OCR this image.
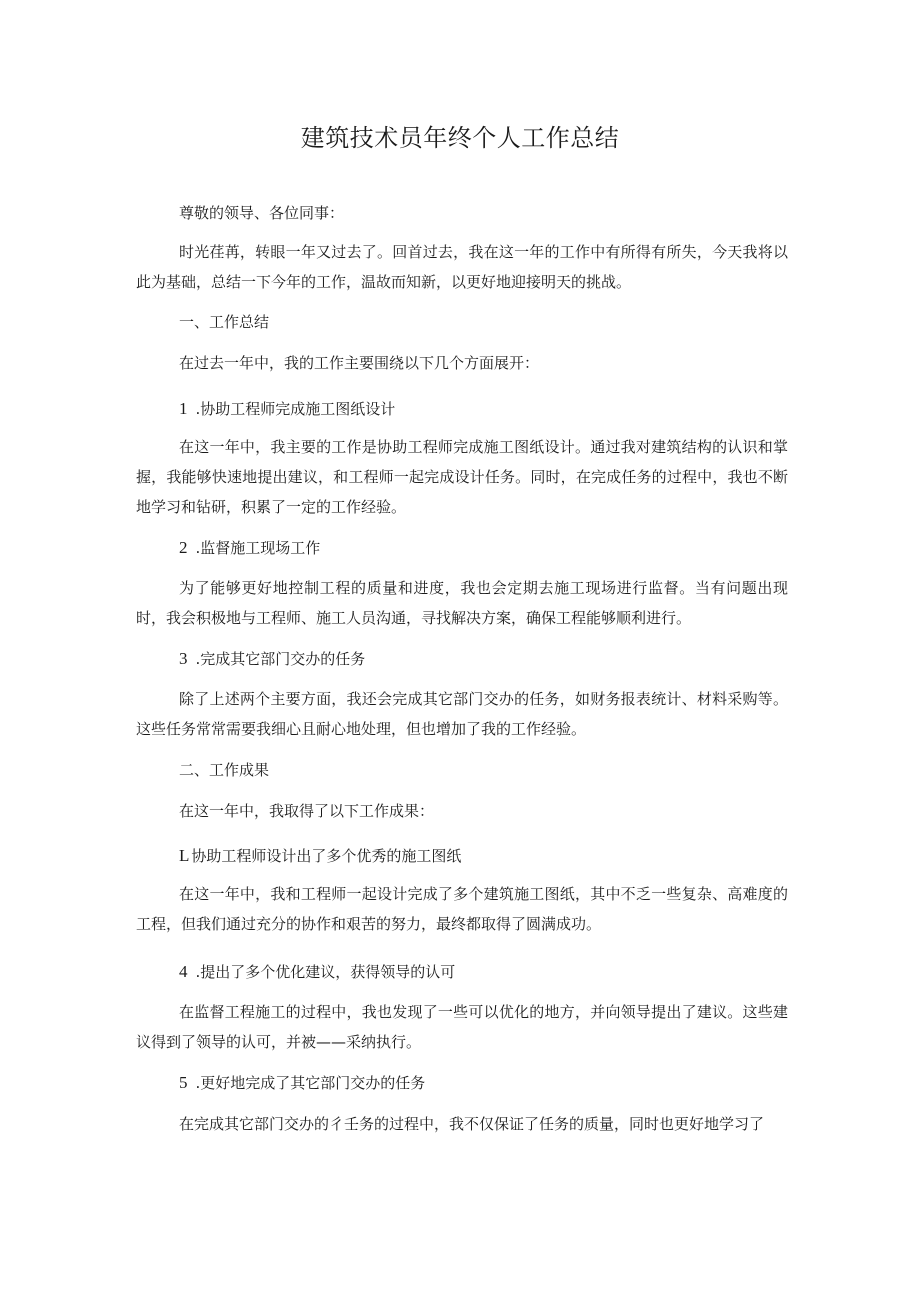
建筑技术员年终个人工作总结

尊敬的领导、各位同事：

时光荏苒，转眼一年又过去了。回首过去，我在这一年的工作中有所得有所失，今天我将以此为基础，总结一下今年的工作，温故而知新，以更好地迎接明天的挑战。

一、工作总结

在过去一年中，我的工作主要围绕以下几个方面展开：

1 .协助工程师完成施工图纸设计

在这一年中，我主要的工作是协助工程师完成施工图纸设计。通过我对建筑结构的认识和掌握，我能够快速地提出建议，和工程师一起完成设计任务。同时，在完成任务的过程中，我也不断地学习和钻研，积累了一定的工作经验。

2 .监督施工现场工作

为了能够更好地控制工程的质量和进度，我也会定期去施工现场进行监督。当有问题出现时，我会积极地与工程师、施工人员沟通，寻找解决方案，确保工程能够顺利进行。

3 .完成其它部门交办的任务

除了上述两个主要方面，我还会完成其它部门交办的任务，如财务报表统计、材料采购等。这些任务常常需要我细心且耐心地处理，但也增加了我的工作经验。

二、工作成果

在这一年中，我取得了以下工作成果：

L 协助工程师设计出了多个优秀的施工图纸

在这一年中，我和工程师一起设计完成了多个建筑施工图纸，其中不乏一些复杂、高难度的工程，但我们通过充分的协作和艰苦的努力，最终都取得了圆满成功。

4 .提出了多个优化建议，获得领导的认可

在监督工程施工的过程中，我也发现了一些可以优化的地方，并向领导提出了建议。这些建议得到了领导的认可，并被——采纳执行。

5 .更好地完成了其它部门交办的任务

在完成其它部门交办的彳壬务的过程中，我不仅保证了任务的质量，同时也更好地学习了
